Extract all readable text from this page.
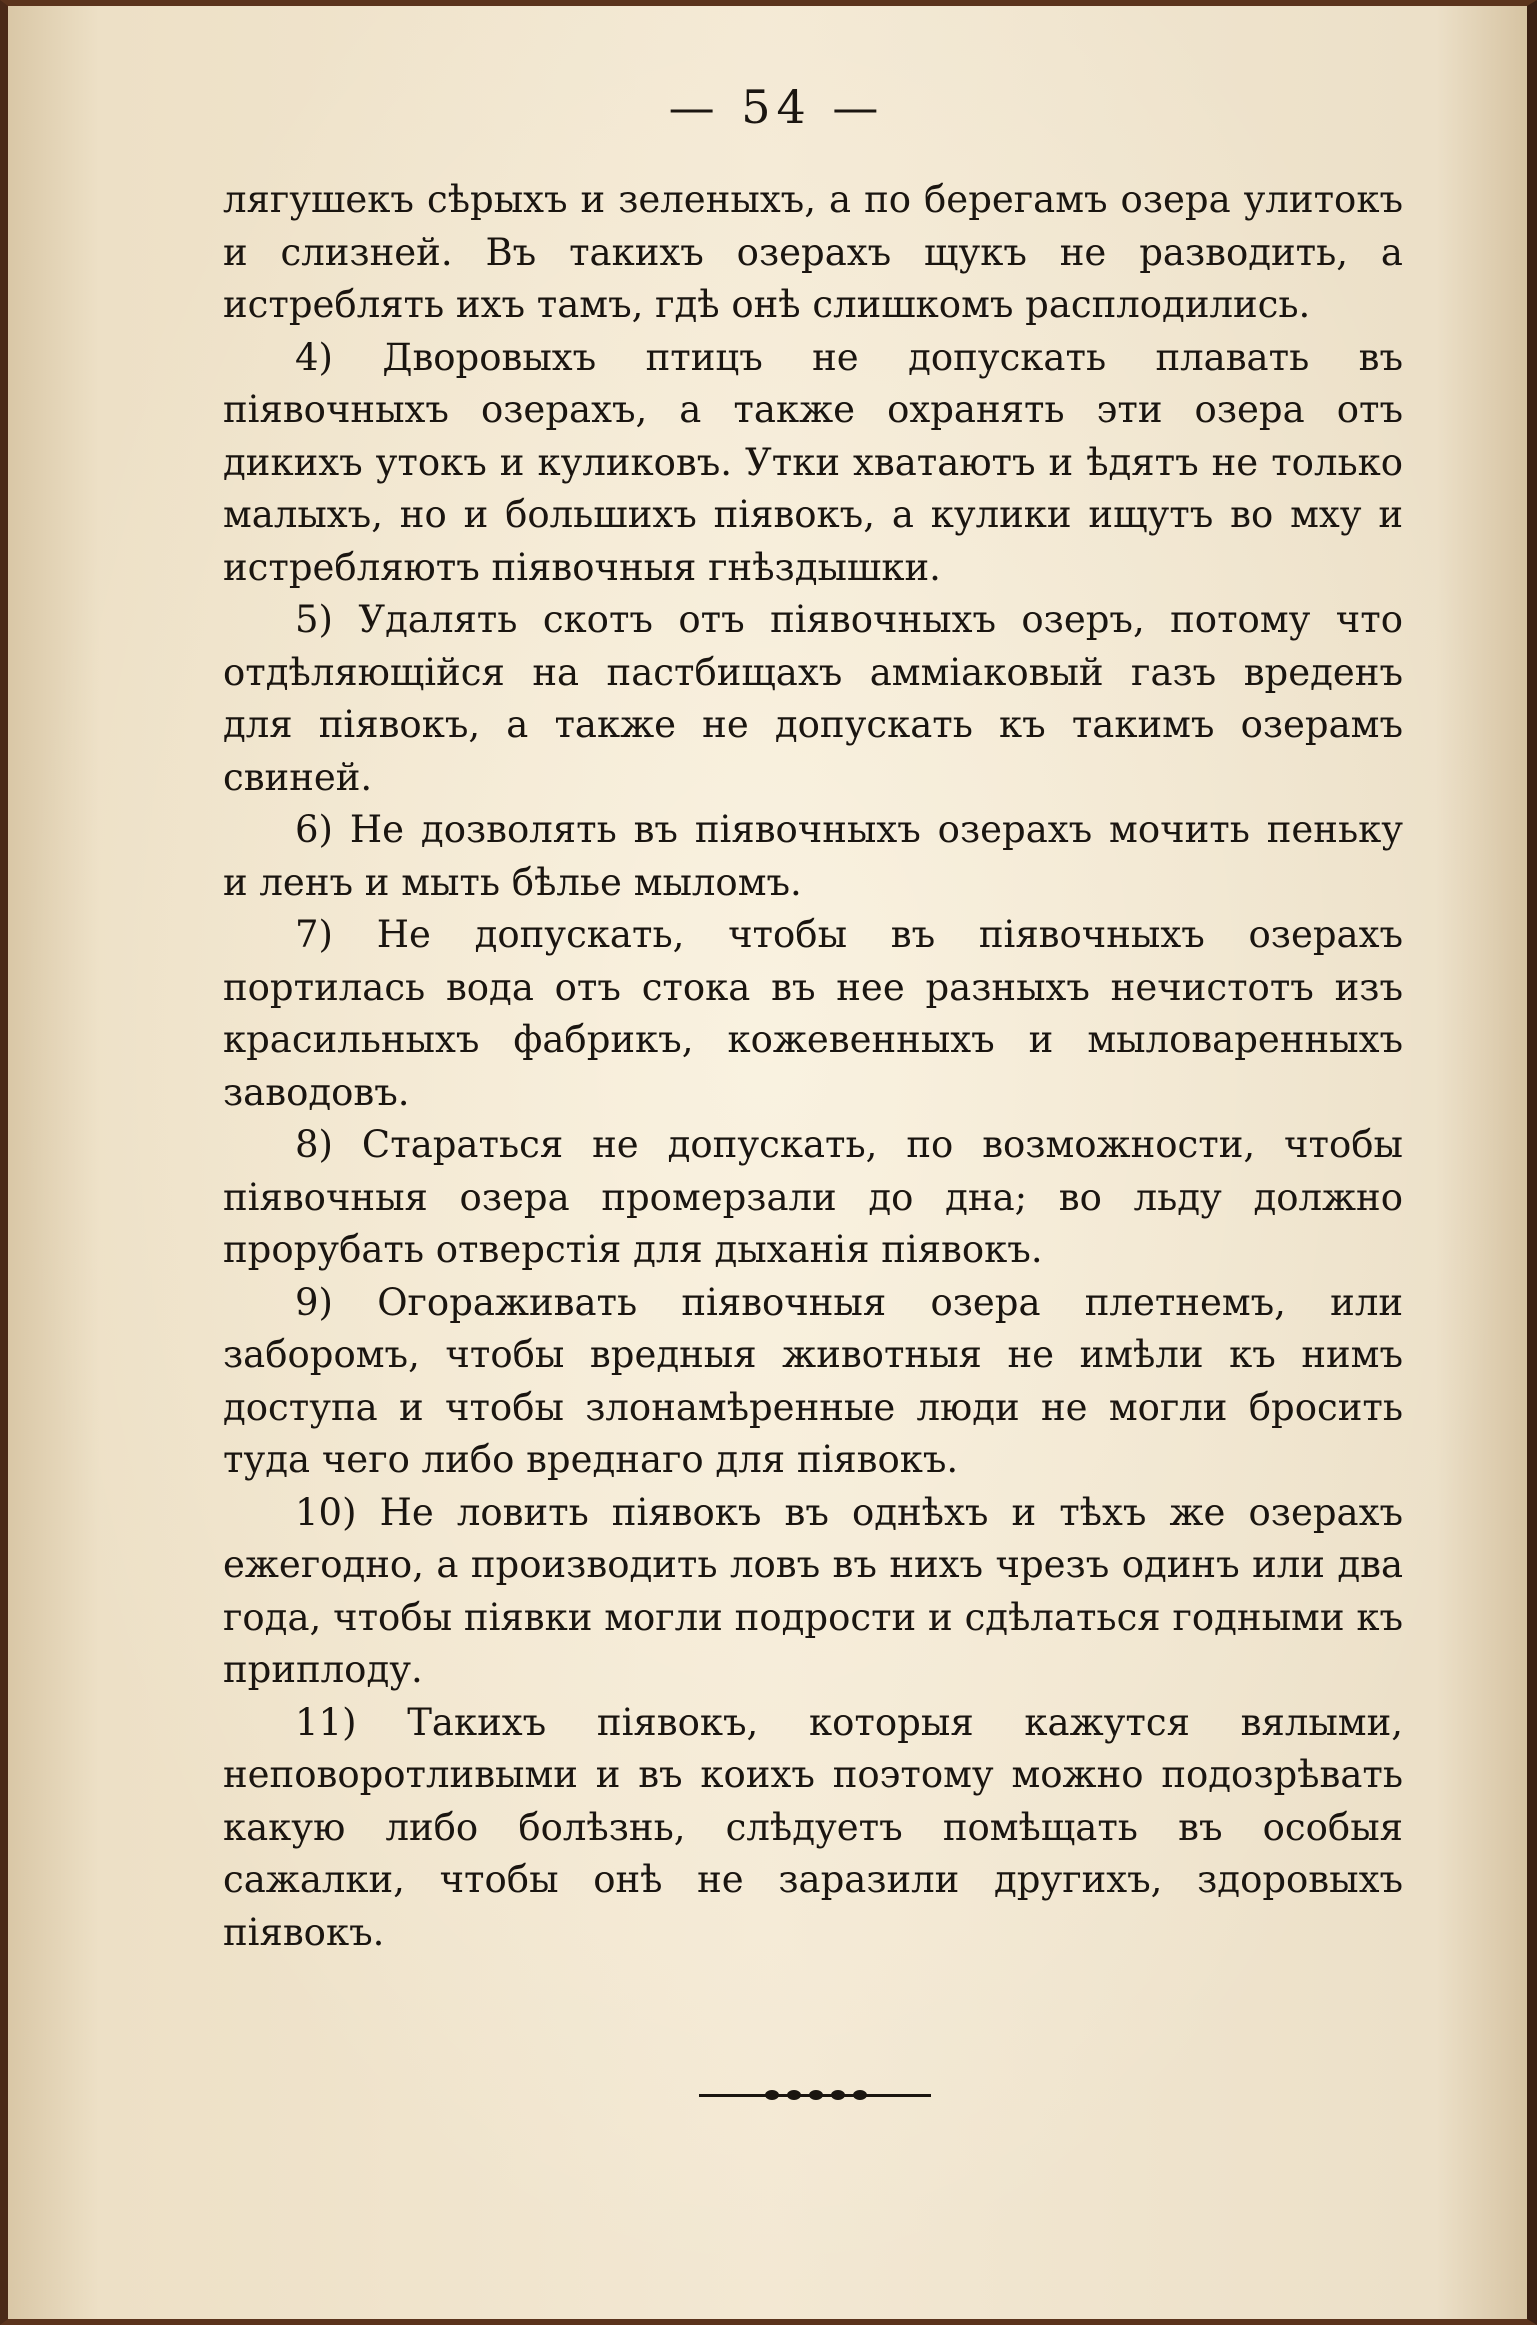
— 54 —

лягушекъ сѣрыхъ и зеленыхъ, а по берегамъ озера улитокъ и слизней. Въ такихъ озерахъ щукъ не разводить, а истреблять ихъ тамъ, гдѣ онѣ слишкомъ расплодились.

4) Дворовыхъ птицъ не допускать плавать въ піявочныхъ озерахъ, а также охранять эти озера отъ дикихъ утокъ и куликовъ. Утки хватаютъ и ѣдятъ не только малыхъ, но и большихъ піявокъ, а кулики ищутъ во мху и истребляютъ піявочныя гнѣздышки.

5) Удалять скотъ отъ піявочныхъ озеръ, потому что отдѣляющійся на пастбищахъ амміаковый газъ вреденъ для піявокъ, а также не допускать къ такимъ озерамъ свиней.

6) Не дозволять въ піявочныхъ озерахъ мочить пеньку и ленъ и мыть бѣлье мыломъ.

7) Не допускать, чтобы въ піявочныхъ озерахъ портилась вода отъ стока въ нее разныхъ нечистотъ изъ красильныхъ фабрикъ, кожевенныхъ и мыловаренныхъ заводовъ.

8) Стараться не допускать, по возможности, чтобы піявочныя озера промерзали до дна; во льду должно прорубать отверстія для дыханія піявокъ.

9) Огораживать піявочныя озера плетнемъ, или заборомъ, чтобы вредныя животныя не имѣли къ нимъ доступа и чтобы злонамѣренные люди не могли бросить туда чего либо вреднаго для піявокъ.

10) Не ловить піявокъ въ однѣхъ и тѣхъ же озерахъ ежегодно, а производить ловъ въ нихъ чрезъ одинъ или два года, чтобы піявки могли подрости и сдѣлаться годными къ приплоду.

11) Такихъ піявокъ, которыя кажутся вялыми, неповоротливыми и въ коихъ поэтому можно подозрѣвать какую либо болѣзнь, слѣдуетъ помѣщать въ особыя сажалки, чтобы онѣ не заразили другихъ, здоровыхъ піявокъ.
